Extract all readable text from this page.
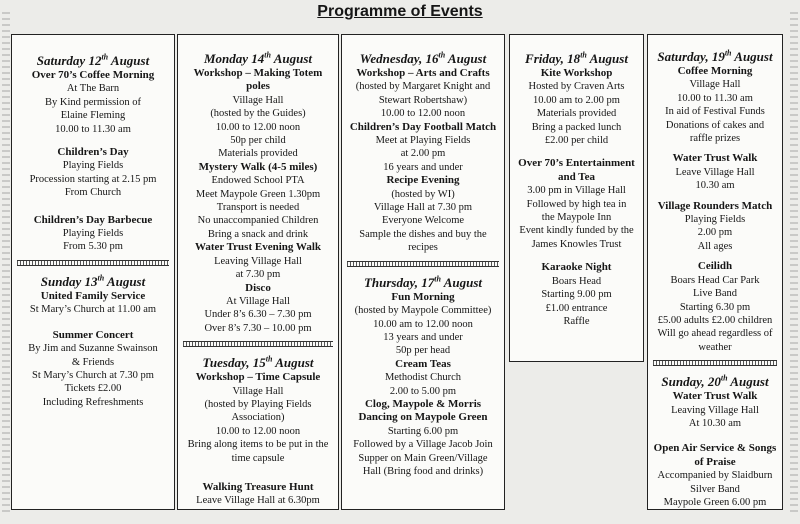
Programme of Events
Saturday 12th August
Over 70’s Coffee Morning
At The Barn
By Kind permission of
Elaine Fleming
10.00 to 11.30 am
Children’s Day
Playing Fields
Procession starting at 2.15 pm
From Church
Children’s Day Barbecue
Playing Fields
From 5.30 pm
Sunday 13th August
United Family Service
St Mary’s Church at 11.00 am
Summer Concert
By Jim and Suzanne Swainson
& Friends
St Mary’s Church at 7.30 pm
Tickets £2.00
Including Refreshments
Monday 14th August
Workshop – Making Totem poles
Village Hall
(hosted by the Guides)
10.00 to 12.00 noon
50p per child
Materials provided
Mystery Walk (4-5 miles)
Endowed School PTA
Meet Maypole Green 1.30pm
Transport is needed
No unaccompanied Children
Bring a snack and drink
Water Trust Evening Walk
Leaving Village Hall
at 7.30 pm
Disco
At Village Hall
Under 8’s 6.30 – 7.30 pm
Over 8’s 7.30 – 10.00 pm
Tuesday, 15th August
Workshop – Time Capsule
Village Hall
(hosted by Playing Fields
Association)
10.00 to 12.00 noon
Bring along items to be put in the
time capsule
Walking Treasure Hunt
Leave Village Hall at 6.30pm
Wednesday, 16th August
Workshop – Arts and Crafts
(hosted by Margaret Knight and
Stewart Robertshaw)
10.00 to 12.00 noon
Children’s Day Football Match
Meet at Playing Fields
at 2.00 pm
16 years and under
Recipe Evening
(hosted by WI)
Village Hall at 7.30 pm
Everyone Welcome
Sample the dishes and buy the
recipes
Thursday, 17th August
Fun Morning
(hosted by Maypole Committee)
10.00 am to 12.00 noon
13 years and under
50p per head
Cream Teas
Methodist Church
2.00 to 5.00 pm
Clog, Maypole & Morris Dancing on Maypole Green
Starting 6.00 pm
Followed by a Village Jacob Join
Supper on Main Green/Village
Hall (Bring food and drinks)
Friday, 18th August
Kite Workshop
Hosted by Craven Arts
10.00 am to 2.00 pm
Materials provided
Bring a packed lunch
£2.00 per child
Over 70’s Entertainment and Tea
3.00 pm in Village Hall
Followed by high tea in
the Maypole Inn
Event kindly funded by the
James Knowles Trust
Karaoke Night
Boars Head
Starting 9.00 pm
£1.00 entrance
Raffle
Saturday, 19th August
Coffee Morning
Village Hall
10.00 to 11.30 am
In aid of Festival Funds
Donations of cakes and
raffle prizes
Water Trust Walk
Leave Village Hall
10.30 am
Village Rounders Match
Playing Fields
2.00 pm
All ages
Ceilidh
Boars Head Car Park
Live Band
Starting 6.30 pm
£5.00 adults £2.00 children
Will go ahead regardless of
weather
Sunday, 20th August
Water Trust Walk
Leaving Village Hall
At 10.30 am
Open Air Service & Songs of Praise
Accompanied by Slaidburn
Silver Band
Maypole Green 6.00 pm
